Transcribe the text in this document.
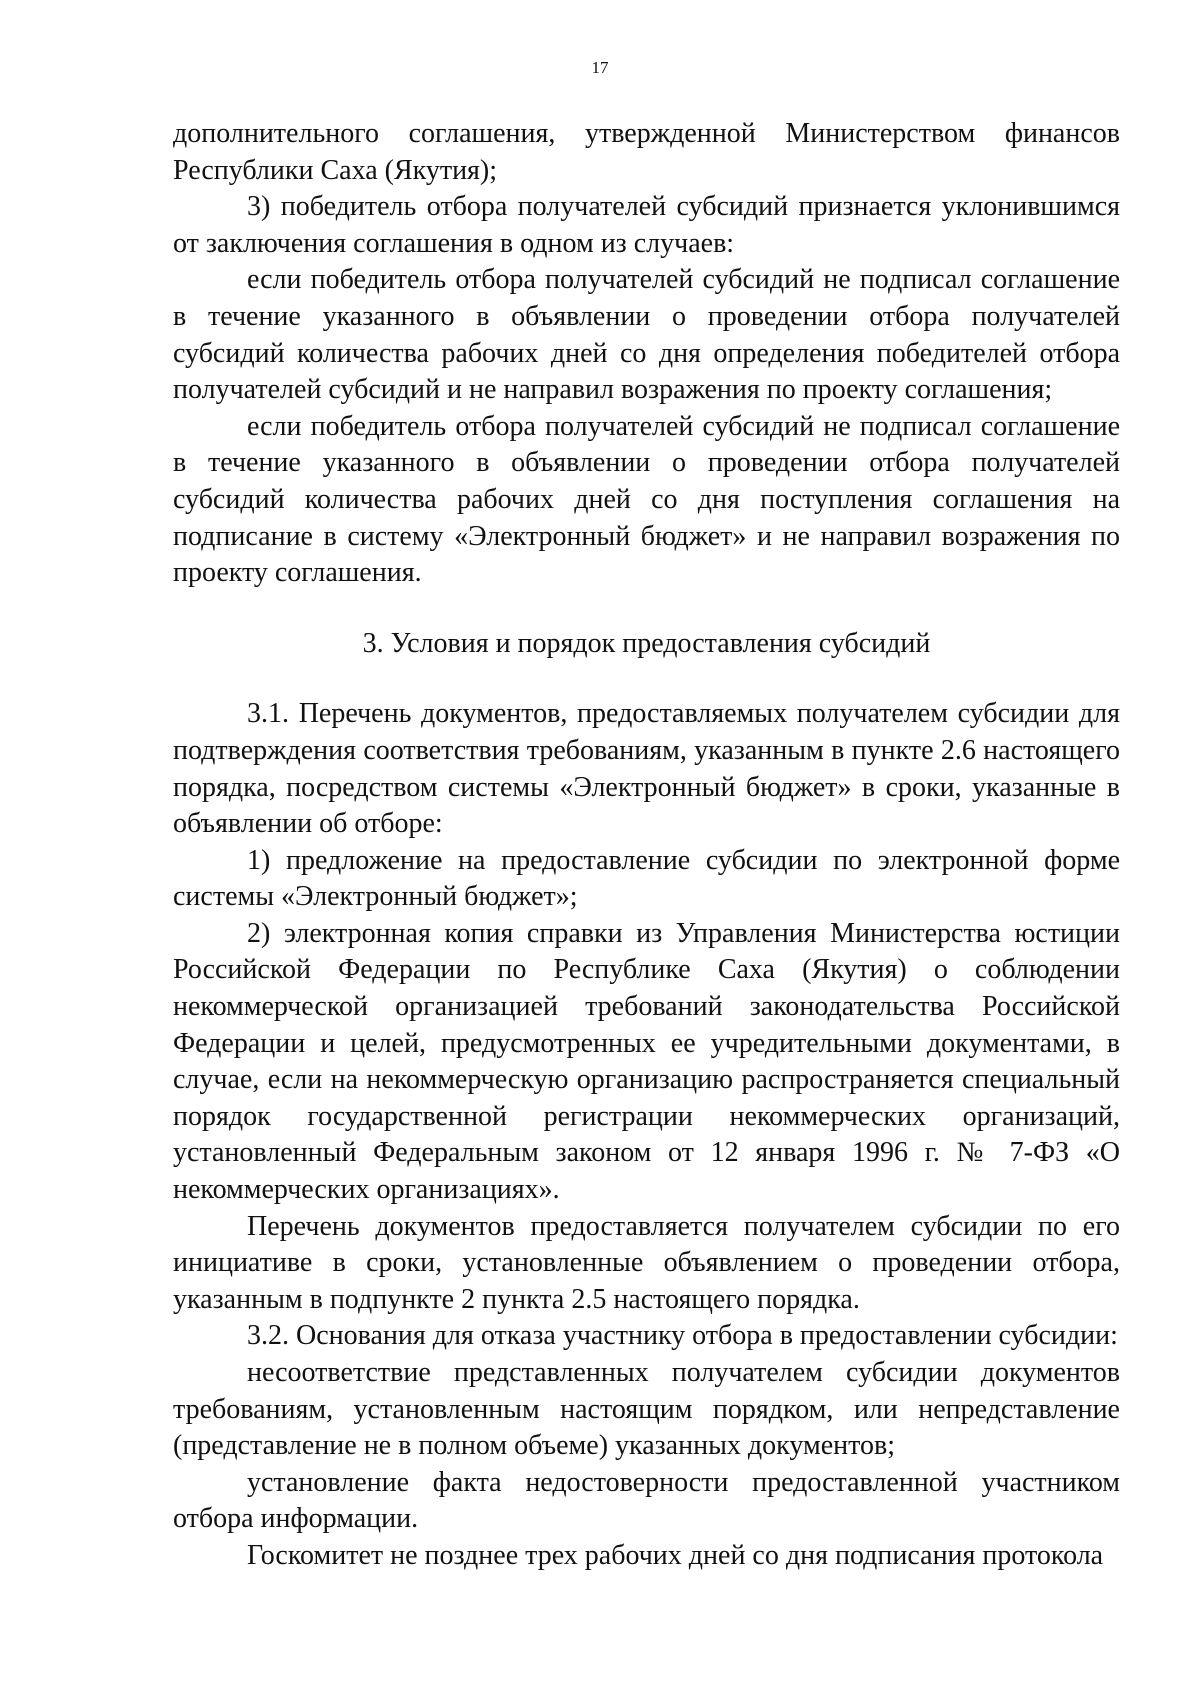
17

дополнительного соглашения, утвержденной Министерством финансов Республики Саха (Якутия);

3) победитель отбора получателей субсидий признается уклонившимся от заключения соглашения в одном из случаев:

если победитель отбора получателей субсидий не подписал соглашение в течение указанного в объявлении о проведении отбора получателей субсидий количества рабочих дней со дня определения победителей отбора получателей субсидий и не направил возражения по проекту соглашения;

если победитель отбора получателей субсидий не подписал соглашение в течение указанного в объявлении о проведении отбора получателей субсидий количества рабочих дней со дня поступления соглашения на подписание в систему «Электронный бюджет» и не направил возражения по проекту соглашения.

3. Условия и порядок предоставления субсидий

3.1. Перечень документов, предоставляемых получателем субсидии для подтверждения соответствия требованиям, указанным в пункте 2.6 настоящего порядка, посредством системы «Электронный бюджет» в сроки, указанные в объявлении об отборе:

1) предложение на предоставление субсидии по электронной форме системы «Электронный бюджет»;

2) электронная копия справки из Управления Министерства юстиции Российской Федерации по Республике Саха (Якутия) о соблюдении некоммерческой организацией требований законодательства Российской Федерации и целей, предусмотренных ее учредительными документами, в случае, если на некоммерческую организацию распространяется специальный порядок государственной регистрации некоммерческих организаций, установленный Федеральным законом от 12 января 1996 г. № 7-ФЗ «О некоммерческих организациях».

Перечень документов предоставляется получателем субсидии по его инициативе в сроки, установленные объявлением о проведении отбора, указанным в подпункте 2 пункта 2.5 настоящего порядка.

3.2. Основания для отказа участнику отбора в предоставлении субсидии:

несоответствие представленных получателем субсидии документов требованиям, установленным настоящим порядком, или непредставление (представление не в полном объеме) указанных документов;

установление факта недостоверности предоставленной участником отбора информации.

Госкомитет не позднее трех рабочих дней со дня подписания протокола
